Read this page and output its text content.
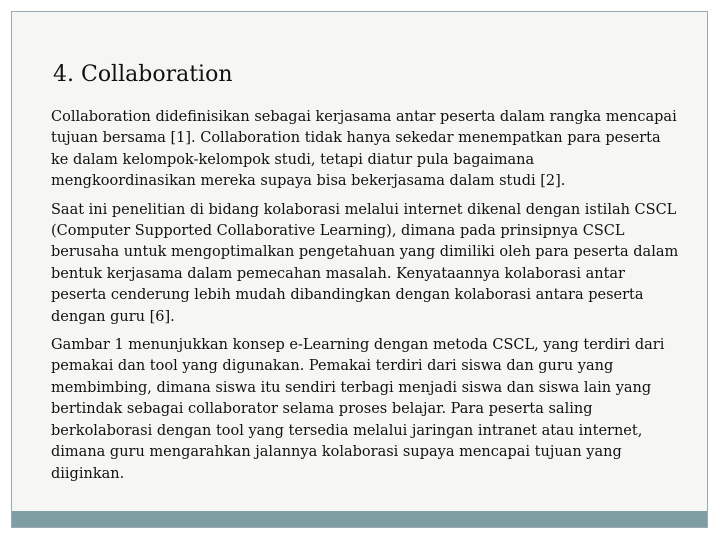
4. Collaboration

Collaboration didefinisikan sebagai kerjasama antar peserta dalam rangka mencapai tujuan bersama [1]. Collaboration tidak hanya sekedar menempatkan para peserta ke dalam kelompok-kelompok studi, tetapi diatur pula bagaimana mengkoordinasikan mereka supaya bisa bekerjasama dalam studi [2].

Saat ini penelitian di bidang kolaborasi melalui internet dikenal dengan istilah CSCL (Computer Supported Collaborative Learning), dimana pada prinsipnya CSCL berusaha untuk mengoptimalkan pengetahuan yang dimiliki oleh para peserta dalam bentuk kerjasama dalam pemecahan masalah. Kenyataannya kolaborasi antar peserta cenderung lebih mudah dibandingkan dengan kolaborasi antara peserta dengan guru [6].

Gambar 1 menunjukkan konsep e-Learning dengan metoda CSCL, yang terdiri dari pemakai dan tool yang digunakan. Pemakai terdiri dari siswa dan guru yang membimbing, dimana siswa itu sendiri terbagi menjadi siswa dan siswa lain yang bertindak sebagai collaborator selama proses belajar. Para peserta saling berkolaborasi dengan tool yang tersedia melalui jaringan intranet atau internet, dimana guru mengarahkan jalannya kolaborasi supaya mencapai tujuan yang diiginkan.
